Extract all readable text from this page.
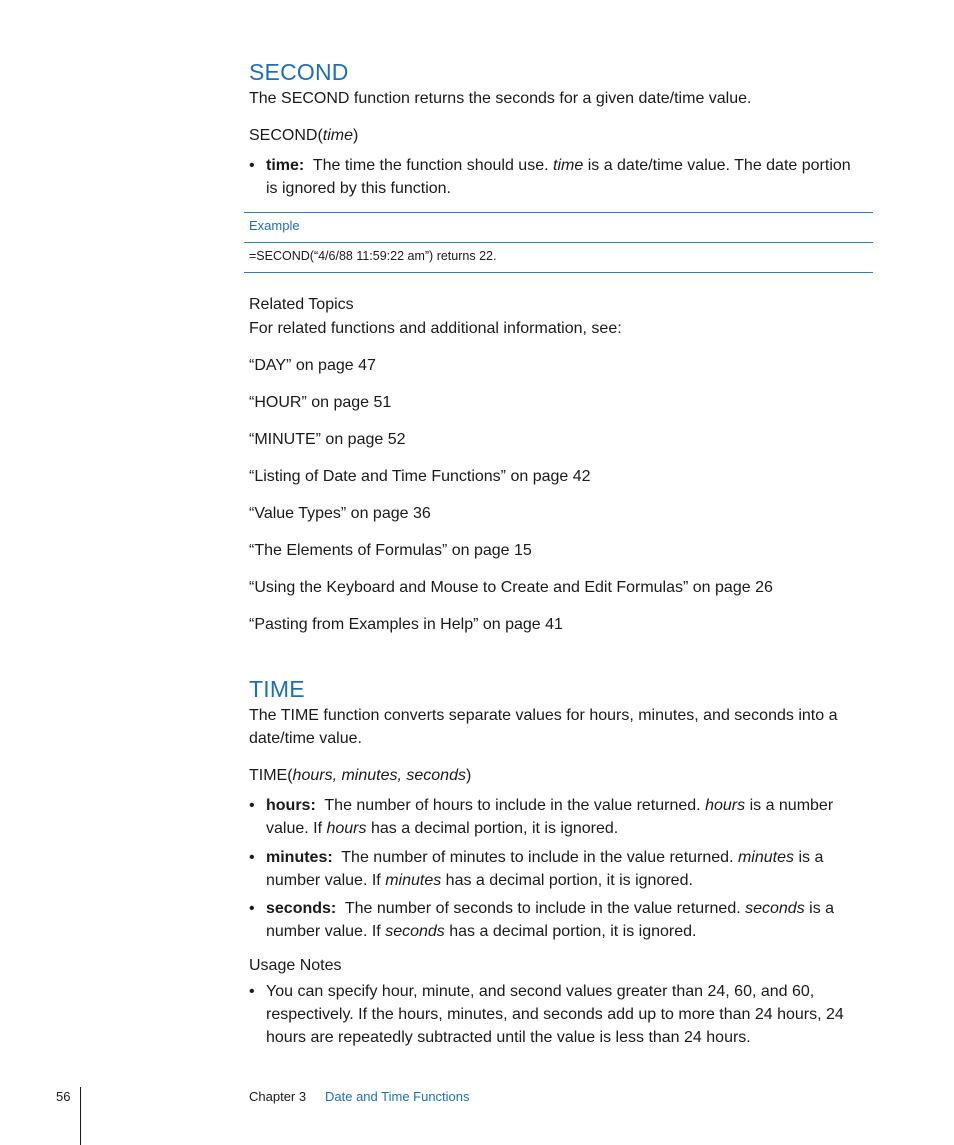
SECOND
The SECOND function returns the seconds for a given date/time value.
SECOND(time)
• time: The time the function should use. time is a date/time value. The date portion
is ignored by this function.
Example
=SECOND(“4/6/88 11:59:22 am”) returns 22.
Related Topics
For related functions and additional information, see:
“DAY” on page 47
“HOUR” on page 51
“MINUTE” on page 52
“Listing of Date and Time Functions” on page 42
“Value Types” on page 36
“The Elements of Formulas” on page 15
“Using the Keyboard and Mouse to Create and Edit Formulas” on page 26
“Pasting from Examples in Help” on page 41
TIME
The TIME function converts separate values for hours, minutes, and seconds into a
date/time value.
TIME(hours, minutes, seconds)
• hours: The number of hours to include in the value returned. hours is a number
value. If hours has a decimal portion, it is ignored.
• minutes: The number of minutes to include in the value returned. minutes is a
number value. If minutes has a decimal portion, it is ignored.
• seconds: The number of seconds to include in the value returned. seconds is a
number value. If seconds has a decimal portion, it is ignored.
Usage Notes
• You can specify hour, minute, and second values greater than 24, 60, and 60,
respectively. If the hours, minutes, and seconds add up to more than 24 hours, 24
hours are repeatedly subtracted until the value is less than 24 hours.
56	Chapter 3 Date and Time Functions
